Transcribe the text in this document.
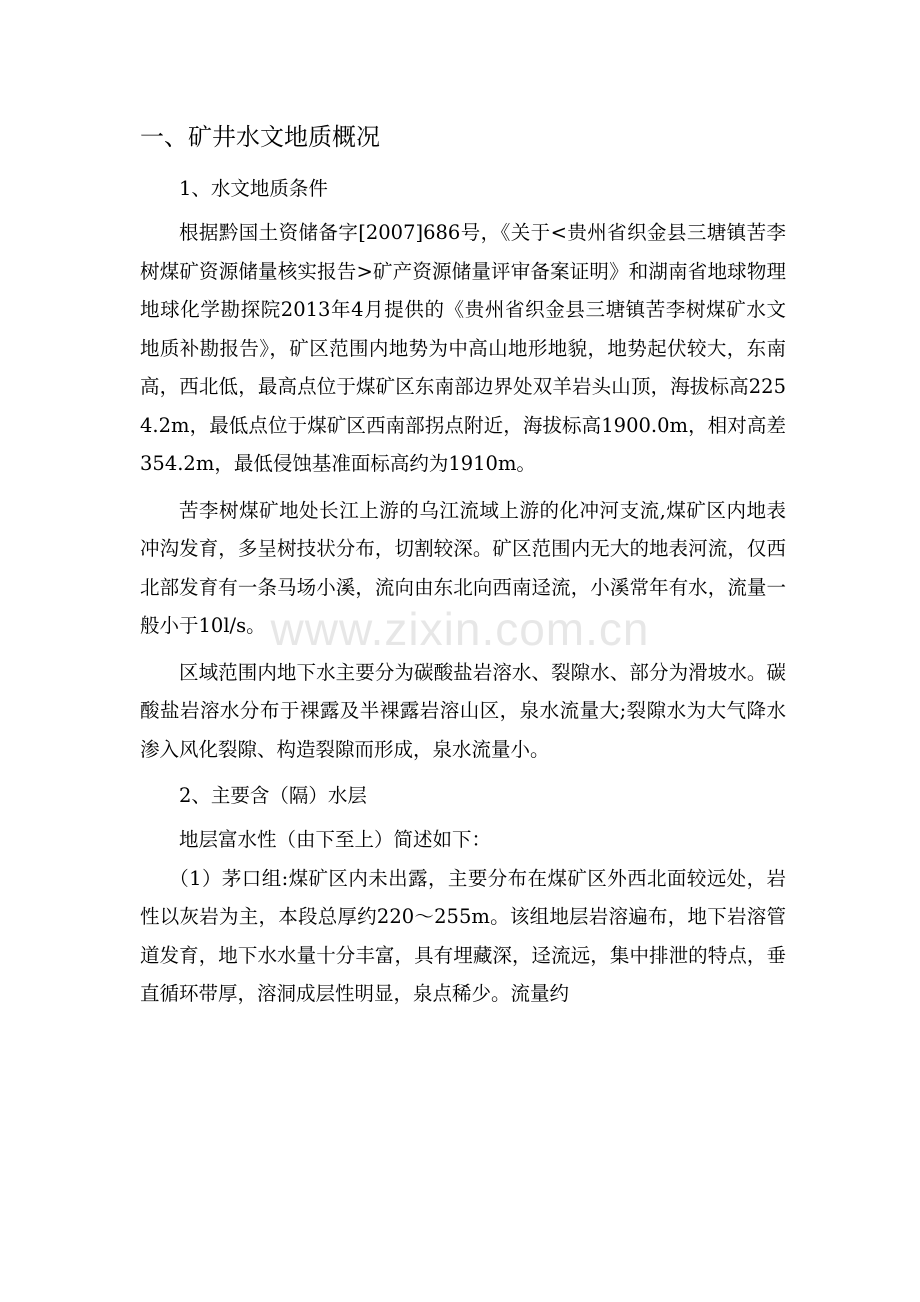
www.zixin.com.cn
一、矿井水文地质概况
1、水文地质条件

根据黔国土资储备字[2007]686号，《关于<贵州省织金县三塘镇苦李树煤矿资源储量核实报告>矿产资源储量评审备案证明》和湖南省地球物理地球化学勘探院2013年4月提供的《贵州省织金县三塘镇苦李树煤矿水文地质补勘报告》，矿区范围内地势为中高山地形地貌，地势起伏较大，东南高，西北低，最高点位于煤矿区东南部边界处双羊岩头山顶，海拔标高2254.2m，最低点位于煤矿区西南部拐点附近，海拔标高1900.0m，相对高差354.2m，最低侵蚀基准面标高约为1910m。

苦李树煤矿地处长江上游的乌江流域上游的化冲河支流,煤矿区内地表冲沟发育，多呈树技状分布，切割较深。矿区范围内无大的地表河流，仅西北部发育有一条马场小溪，流向由东北向西南迳流，小溪常年有水，流量一般小于10l/s。

区域范围内地下水主要分为碳酸盐岩溶水、裂隙水、部分为滑坡水。碳酸盐岩溶水分布于裸露及半裸露岩溶山区，泉水流量大;裂隙水为大气降水渗入风化裂隙、构造裂隙而形成，泉水流量小。

2、主要含（隔）水层

地层富水性（由下至上）简述如下：

（1）茅口组:煤矿区内未出露，主要分布在煤矿区外西北面较远处，岩性以灰岩为主，本段总厚约220～255m。该组地层岩溶遍布，地下岩溶管道发育，地下水水量十分丰富，具有埋藏深，迳流远，集中排泄的特点，垂直循环带厚，溶洞成层性明显，泉点稀少。流量约
